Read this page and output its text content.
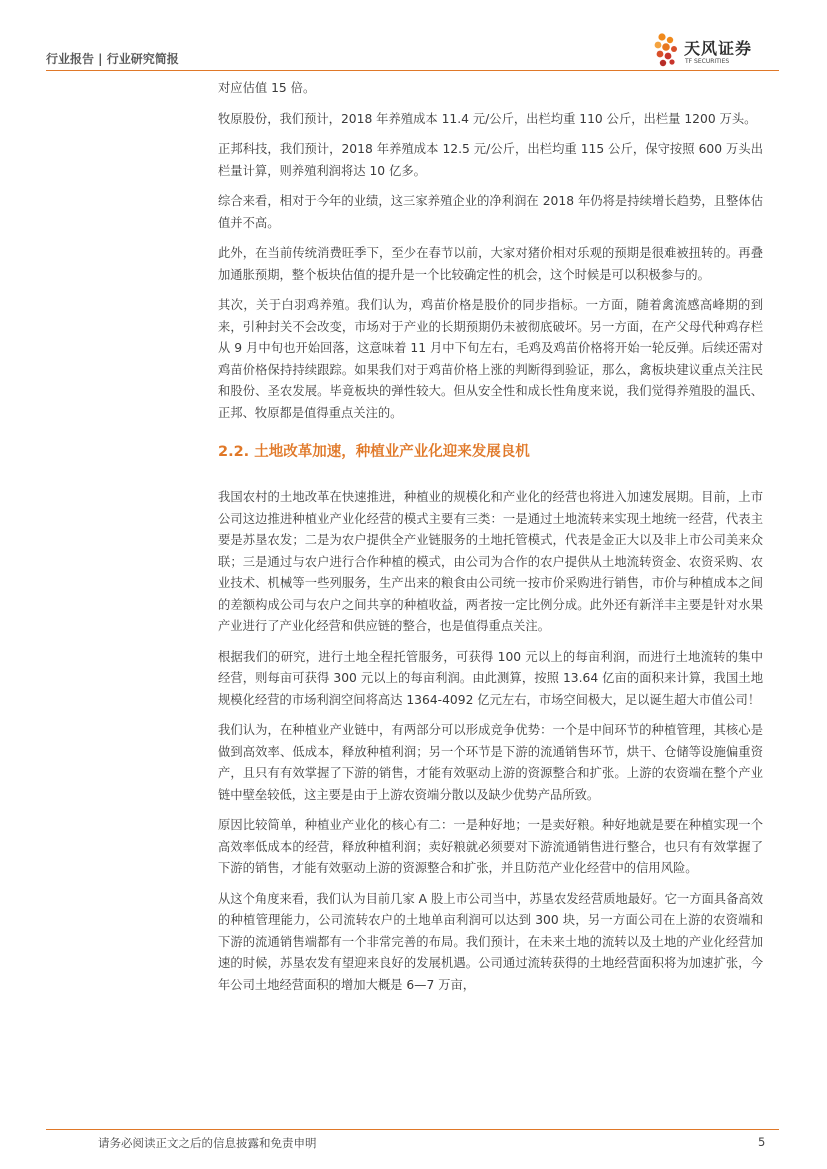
行业报告 | 行业研究简报
天风证券
TF SECURITIES

对应估值 15 倍。

牧原股份，我们预计，2018 年养殖成本 11.4 元/公斤，出栏均重 110 公斤，出栏量 1200 万头。

正邦科技，我们预计，2018 年养殖成本 12.5 元/公斤，出栏均重 115 公斤，保守按照 600 万头出栏量计算，则养殖利润将达 10 亿多。

综合来看，相对于今年的业绩，这三家养殖企业的净利润在 2018 年仍将是持续增长趋势，且整体估值并不高。

此外，在当前传统消费旺季下，至少在春节以前，大家对猪价相对乐观的预期是很难被扭转的。再叠加通胀预期，整个板块估值的提升是一个比较确定性的机会，这个时候是可以积极参与的。

其次，关于白羽鸡养殖。我们认为，鸡苗价格是股价的同步指标。一方面，随着禽流感高峰期的到来，引种封关不会改变，市场对于产业的长期预期仍未被彻底破坏。另一方面，在产父母代种鸡存栏从 9 月中旬也开始回落，这意味着 11 月中下旬左右，毛鸡及鸡苗价格将开始一轮反弹。后续还需对鸡苗价格保持持续跟踪。如果我们对于鸡苗价格上涨的判断得到验证，那么，禽板块建议重点关注民和股份、圣农发展。毕竟板块的弹性较大。但从安全性和成长性角度来说，我们觉得养殖股的温氏、正邦、牧原都是值得重点关注的。

2.2. 土地改革加速，种植业产业化迎来发展良机

我国农村的土地改革在快速推进，种植业的规模化和产业化的经营也将进入加速发展期。目前，上市公司这边推进种植业产业化经营的模式主要有三类：一是通过土地流转来实现土地统一经营，代表主要是苏垦农发；二是为农户提供全产业链服务的土地托管模式，代表是金正大以及非上市公司美来众联；三是通过与农户进行合作种植的模式，由公司为合作的农户提供从土地流转资金、农资采购、农业技术、机械等一些列服务，生产出来的粮食由公司统一按市价采购进行销售，市价与种植成本之间的差额构成公司与农户之间共享的种植收益，两者按一定比例分成。此外还有新洋丰主要是针对水果产业进行了产业化经营和供应链的整合，也是值得重点关注。

根据我们的研究，进行土地全程托管服务，可获得 100 元以上的每亩利润，而进行土地流转的集中经营，则每亩可获得 300 元以上的每亩利润。由此测算，按照 13.64 亿亩的面积来计算，我国土地规模化经营的市场利润空间将高达 1364-4092 亿元左右，市场空间极大，足以诞生超大市值公司！

我们认为，在种植业产业链中，有两部分可以形成竞争优势：一个是中间环节的种植管理，其核心是做到高效率、低成本，释放种植利润；另一个环节是下游的流通销售环节，烘干、仓储等设施偏重资产，且只有有效掌握了下游的销售，才能有效驱动上游的资源整合和扩张。上游的农资端在整个产业链中壁垒较低，这主要是由于上游农资端分散以及缺少优势产品所致。

原因比较简单，种植业产业化的核心有二：一是种好地；一是卖好粮。种好地就是要在种植实现一个高效率低成本的经营，释放种植利润；卖好粮就必须要对下游流通销售进行整合，也只有有效掌握了下游的销售，才能有效驱动上游的资源整合和扩张，并且防范产业化经营中的信用风险。

从这个角度来看，我们认为目前几家 A 股上市公司当中，苏垦农发经营质地最好。它一方面具备高效的种植管理能力，公司流转农户的土地单亩利润可以达到 300 块，另一方面公司在上游的农资端和下游的流通销售端都有一个非常完善的布局。我们预计，在未来土地的流转以及土地的产业化经营加速的时候，苏垦农发有望迎来良好的发展机遇。公司通过流转获得的土地经营面积将为加速扩张，今年公司土地经营面积的增加大概是 6—7 万亩，

请务必阅读正文之后的信息披露和免责申明	5
